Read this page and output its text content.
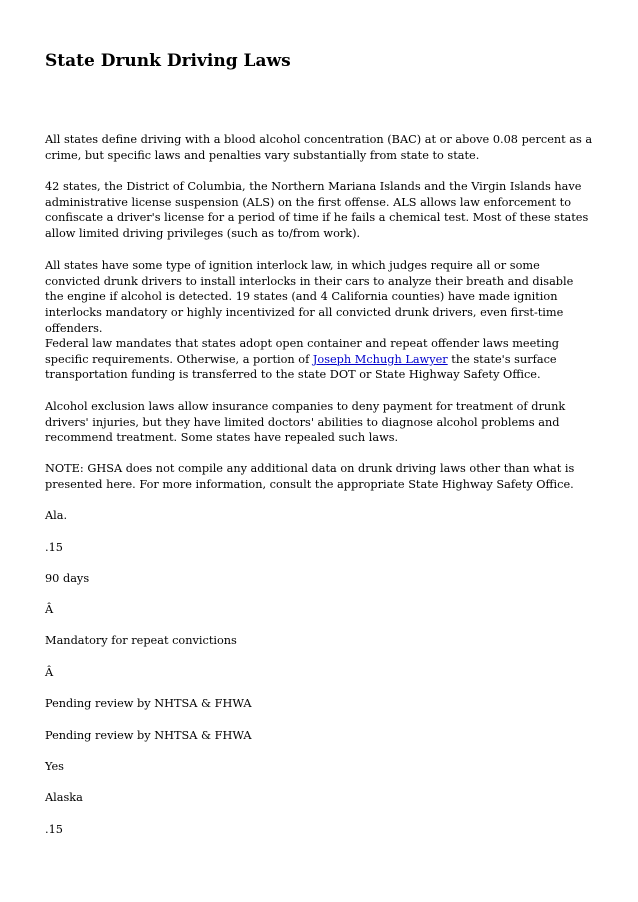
State Drunk Driving Laws

All states define driving with a blood alcohol concentration (BAC) at or above 0.08 percent as a crime, but specific laws and penalties vary substantially from state to state.

42 states, the District of Columbia, the Northern Mariana Islands and the Virgin Islands have administrative license suspension (ALS) on the first offense. ALS allows law enforcement to confiscate a driver's license for a period of time if he fails a chemical test. Most of these states allow limited driving privileges (such as to/from work).

All states have some type of ignition interlock law, in which judges require all or some convicted drunk drivers to install interlocks in their cars to analyze their breath and disable the engine if alcohol is detected. 19 states (and 4 California counties) have made ignition interlocks mandatory or highly incentivized for all convicted drunk drivers, even first-time offenders.

Federal law mandates that states adopt open container and repeat offender laws meeting specific requirements. Otherwise, a portion of Joseph Mchugh Lawyer the state's surface transportation funding is transferred to the state DOT or State Highway Safety Office.

Alcohol exclusion laws allow insurance companies to deny payment for treatment of drunk drivers' injuries, but they have limited doctors' abilities to diagnose alcohol problems and recommend treatment. Some states have repealed such laws.

NOTE: GHSA does not compile any additional data on drunk driving laws other than what is presented here. For more information, consult the appropriate State Highway Safety Office.

Ala.

.15

90 days

Â

Mandatory for repeat convictions

Â

Pending review by NHTSA & FHWA

Pending review by NHTSA & FHWA

Yes

Alaska

.15
